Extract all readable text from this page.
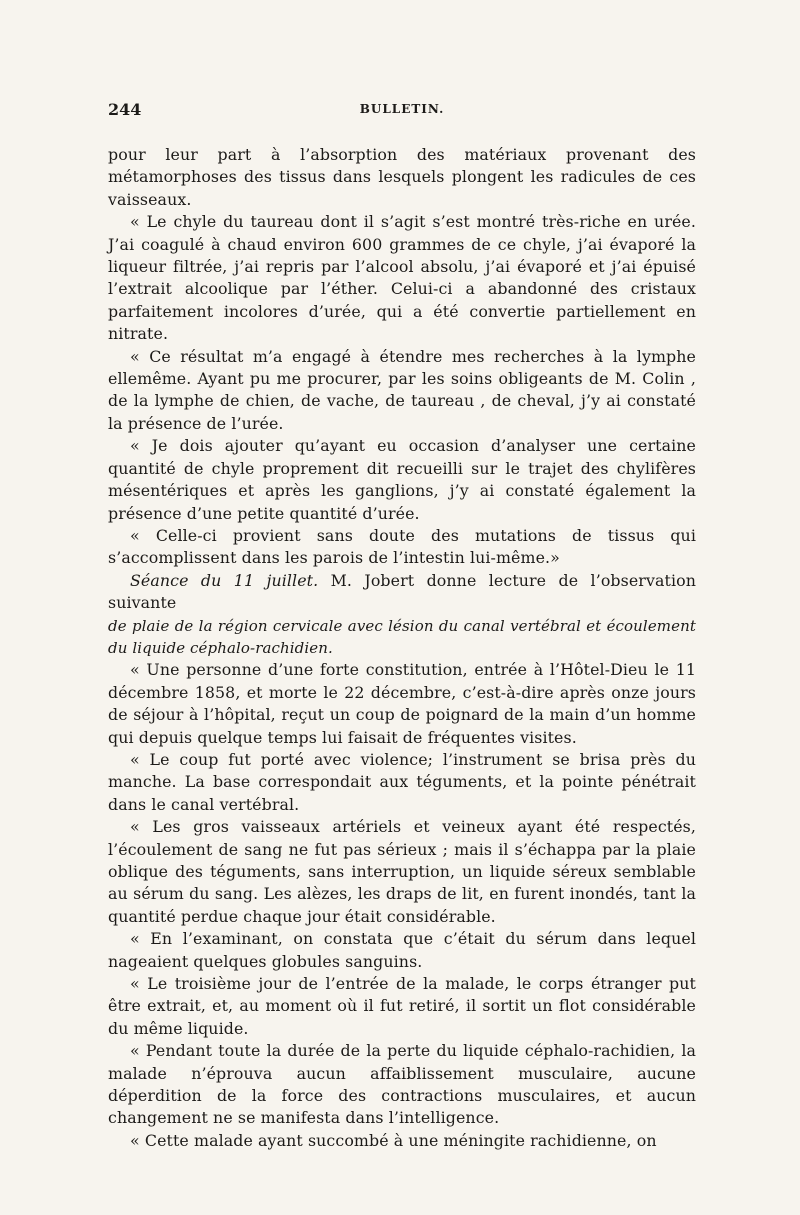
244	BULLETIN.

pour leur part à l’absorption des matériaux provenant des métamorphoses des tissus dans lesquels plongent les radicules de ces vaisseaux.

« Le chyle du taureau dont il s’agit s’est montré très-riche en urée. J’ai coagulé à chaud environ 600 grammes de ce chyle, j’ai évaporé la liqueur filtrée, j’ai repris par l’alcool absolu, j’ai évaporé et j’ai épuisé l’extrait alcoolique par l’éther. Celui-ci a abandonné des cristaux parfaitement incolores d’urée, qui a été convertie partiellement en nitrate.

« Ce résultat m’a engagé à étendre mes recherches à la lymphe ellemême. Ayant pu me procurer, par les soins obligeants de M. Colin , de la lymphe de chien, de vache, de taureau , de cheval, j’y ai constaté la présence de l’urée.

« Je dois ajouter qu’ayant eu occasion d’analyser une certaine quantité de chyle proprement dit recueilli sur le trajet des chylifères mésentériques et après les ganglions, j’y ai constaté également la présence d’une petite quantité d’urée.

« Celle-ci provient sans doute des mutations de tissus qui s’accomplissent dans les parois de l’intestin lui-même.»

Séance du 11 juillet. M. Jobert donne lecture de l’observation suivante

de plaie de la région cervicale avec lésion du canal vertébral et écoulement du liquide céphalo-rachidien.

« Une personne d’une forte constitution, entrée à l’Hôtel-Dieu le 11 décembre 1858, et morte le 22 décembre, c’est-à-dire après onze jours de séjour à l’hôpital, reçut un coup de poignard de la main d’un homme qui depuis quelque temps lui faisait de fréquentes visites.

« Le coup fut porté avec violence; l’instrument se brisa près du manche. La base correspondait aux téguments, et la pointe pénétrait dans le canal vertébral.

« Les gros vaisseaux artériels et veineux ayant été respectés, l’écoulement de sang ne fut pas sérieux ; mais il s’échappa par la plaie oblique des téguments, sans interruption, un liquide séreux semblable au sérum du sang. Les alèzes, les draps de lit, en furent inondés, tant la quantité perdue chaque jour était considérable.

« En l’examinant, on constata que c’était du sérum dans lequel nageaient quelques globules sanguins.

« Le troisième jour de l’entrée de la malade, le corps étranger put être extrait, et, au moment où il fut retiré, il sortit un flot considérable du même liquide.

« Pendant toute la durée de la perte du liquide céphalo-rachidien, la malade n’éprouva aucun affaiblissement musculaire, aucune déperdition de la force des contractions musculaires, et aucun changement ne se manifesta dans l’intelligence.

« Cette malade ayant succombé à une méningite rachidienne, on
